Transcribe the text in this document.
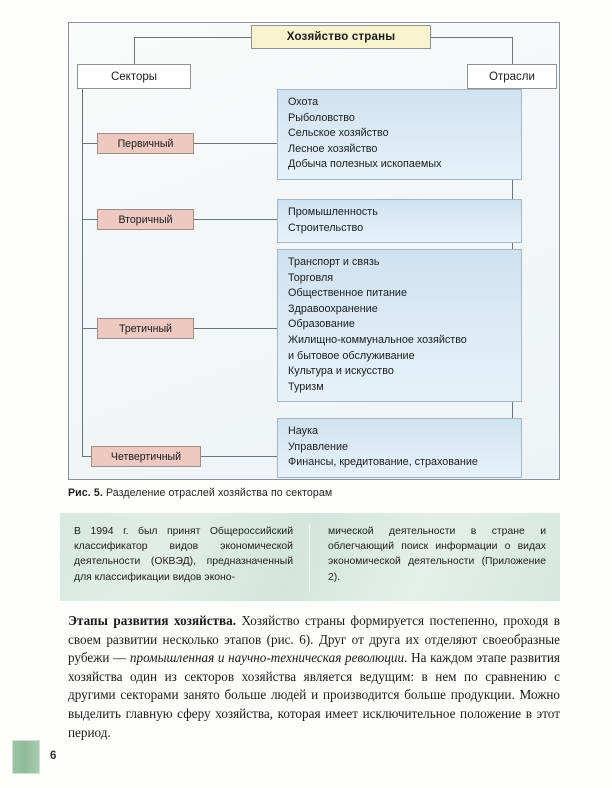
Хозяйство страны
Секторы	Отрасли
Первичный
Вторичный
Третичный
Четвертичный
Охота
Рыболовство
Сельское хозяйство
Лесное хозяйство
Добыча полезных ископаемых
Промышленность
Строительство
Транспорт и связь
Торговля
Общественное питание
Здравоохранение
Образование
Жилищно-коммунальное хозяйство
и бытовое обслуживание
Культура и искусство
Туризм
Наука
Управление
Финансы, кредитование, страхование
Рис. 5. Разделение отраслей хозяйства по секторам

В 1994 г. был принят Общероссийский классификатор видов экономической деятельности (ОКВЭД), предназначенный для классификации видов эконо-

мической деятельности в стране и облегчающий поиск информации о видах экономической деятельности (Приложение 2).

Этапы развития хозяйства. Хозяйство страны формируется постепенно, проходя в своем развитии несколько этапов (рис. 6). Друг от друга их отделяют своеобразные рубежи — промышленная и научно-техническая революции. На каждом этапе развития хозяйства один из секторов хозяйства является ведущим: в нем по сравнению с другими секторами занято больше людей и производится больше продукции. Можно выделить главную сферу хозяйства, которая имеет исключительное положение в этот период.
6
